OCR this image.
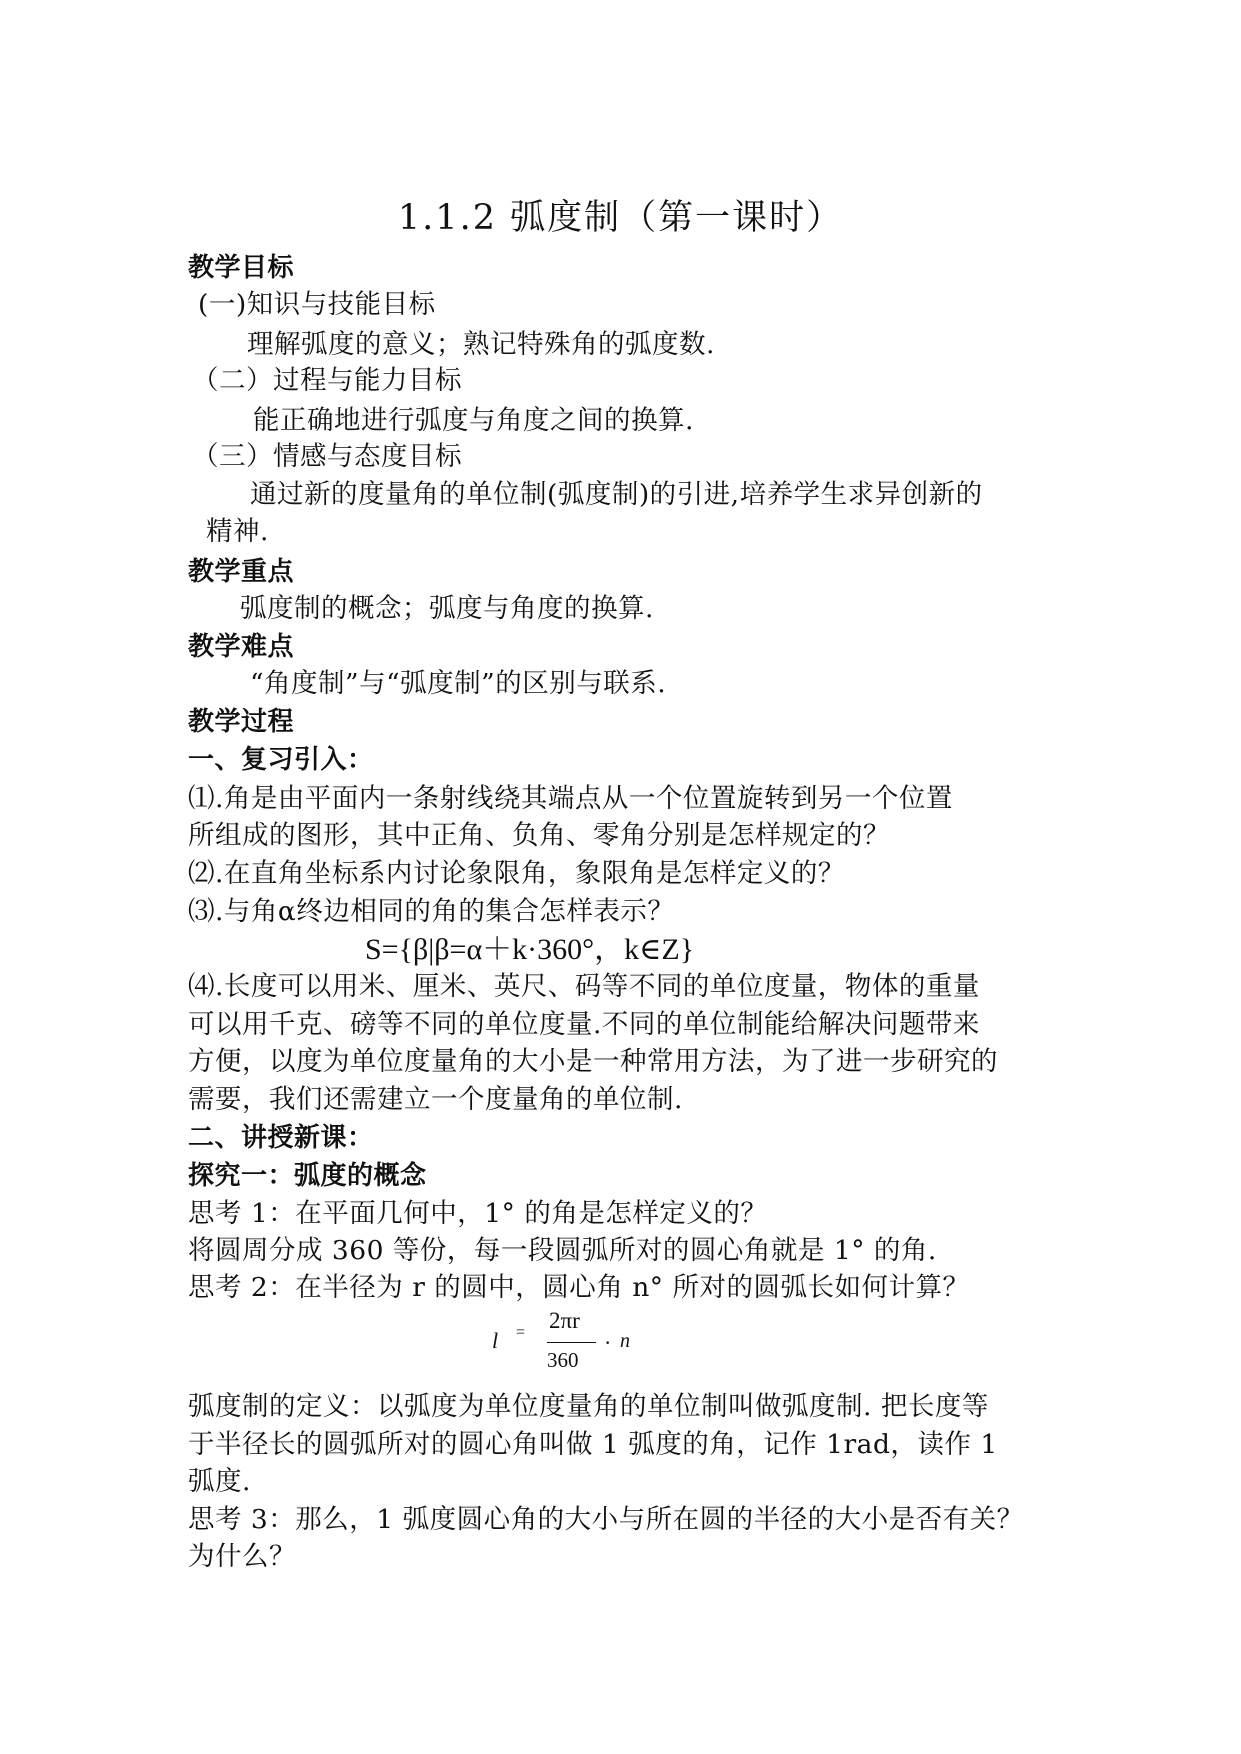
1.1.2 弧度制（第一课时）
教学目标
(一)知识与技能目标
理解弧度的意义；熟记特殊角的弧度数.
（二）过程与能力目标
能正确地进行弧度与角度之间的换算.
（三）情感与态度目标
通过新的度量角的单位制(弧度制)的引进,培养学生求异创新的
精神.
教学重点
弧度制的概念；弧度与角度的换算.
教学难点
“角度制”与“弧度制”的区别与联系.
教学过程
一、复习引入：
⑴.角是由平面内一条射线绕其端点从一个位置旋转到另一个位置
所组成的图形，其中正角、负角、零角分别是怎样规定的？
⑵.在直角坐标系内讨论象限角，象限角是怎样定义的？
⑶.与角α终边相同的角的集合怎样表示？
S={β|β=α＋k·360°，k∈Z}
⑷.长度可以用米、厘米、英尺、码等不同的单位度量，物体的重量
可以用千克、磅等不同的单位度量.不同的单位制能给解决问题带来
方便，以度为单位度量角的大小是一种常用方法，为了进一步研究的
需要，我们还需建立一个度量角的单位制.
二、讲授新课：
探究一：弧度的概念
思考 1：在平面几何中，1° 的角是怎样定义的？
将圆周分成 360 等份，每一段圆弧所对的圆心角就是 1° 的角.
思考 2：在半径为 r 的圆中，圆心角 n° 所对的圆弧长如何计算？
l = 2πr
360
· n
弧度制的定义：以弧度为单位度量角的单位制叫做弧度制. 把长度等
于半径长的圆弧所对的圆心角叫做 1 弧度的角，记作 1rad，读作 1
弧度.
思考 3：那么，1 弧度圆心角的大小与所在圆的半径的大小是否有关？
为什么？
